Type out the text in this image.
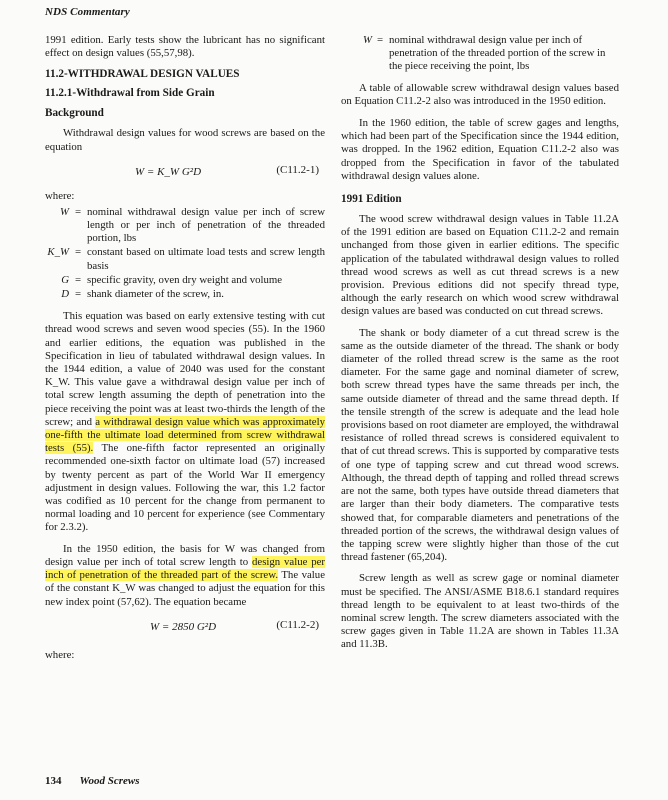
NDS Commentary

1991 edition. Early tests show the lubricant has no significant effect on design values (55,57,98).

11.2-WITHDRAWAL DESIGN VALUES

11.2.1-Withdrawal from Side Grain

Background

Withdrawal design values for wood screws are based on the equation

W = K_W G²D	(C11.2-1)

where:

W = nominal withdrawal design value per inch of screw length or per inch of penetration of the threaded portion, lbs
K_W = constant based on ultimate load tests and screw length basis
G = specific gravity, oven dry weight and volume
D = shank diameter of the screw, in.

This equation was based on early extensive testing with cut thread wood screws and seven wood species (55). In the 1960 and earlier editions, the equation was published in the Specification in lieu of tabulated withdrawal design values. In the 1944 edition, a value of 2040 was used for the constant K_W. This value gave a withdrawal design value per inch of total screw length assuming the depth of penetration into the piece receiving the point was at least two-thirds the length of the screw; and a withdrawal design value which was approximately one-fifth the ultimate load determined from screw withdrawal tests (55). The one-fifth factor represented an originally recommended one-sixth factor on ultimate load (57) increased by twenty percent as part of the World War II emergency adjustment in design values. Following the war, this 1.2 factor was codified as 10 percent for the change from permanent to normal loading and 10 percent for experience (see Commentary for 2.3.2).

In the 1950 edition, the basis for W was changed from design value per inch of total screw length to design value per inch of penetration of the threaded part of the screw. The value of the constant K_W was changed to adjust the equation for this new index point (57,62). The equation became

W = 2850 G²D	(C11.2-2)

where:

W = nominal withdrawal design value per inch of penetration of the threaded portion of the screw in the piece receiving the point, lbs

A table of allowable screw withdrawal design values based on Equation C11.2-2 also was introduced in the 1950 edition.

In the 1960 edition, the table of screw gages and lengths, which had been part of the Specification since the 1944 edition, was dropped. In the 1962 edition, Equation C11.2-2 also was dropped from the Specification in favor of the tabulated withdrawal design values alone.

1991 Edition

The wood screw withdrawal design values in Table 11.2A of the 1991 edition are based on Equation C11.2-2 and remain unchanged from those given in earlier editions. The specific application of the tabulated withdrawal design values to rolled thread wood screws as well as cut thread screws is a new provision. Previous editions did not specify thread type, although the early research on which wood screw withdrawal design values are based was conducted on cut thread screws.

The shank or body diameter of a cut thread screw is the same as the outside diameter of the thread. The shank or body diameter of the rolled thread screw is the same as the root diameter. For the same gage and nominal diameter of screw, both screw thread types have the same threads per inch, the same outside diameter of thread and the same thread depth. If the tensile strength of the screw is adequate and the lead hole provisions based on root diameter are employed, the withdrawal resistance of rolled thread screws is considered equivalent to that of cut thread screws. This is supported by comparative tests of one type of tapping screw and cut thread wood screws. Although, the thread depth of tapping and rolled thread screws are not the same, both types have outside thread diameters that are larger than their body diameters. The comparative tests showed that, for comparable diameters and penetrations of the threaded portion of the screws, the withdrawal design values of the tapping screw were slightly higher than those of the cut thread fastener (65,204).

Screw length as well as screw gage or nominal diameter must be specified. The ANSI/ASME B18.6.1 standard requires thread length to be equivalent to at least two-thirds of the nominal screw length. The screw diameters associated with the screw gages given in Table 11.2A are shown in Tables 11.3A and 11.3B.

134 Wood Screws
